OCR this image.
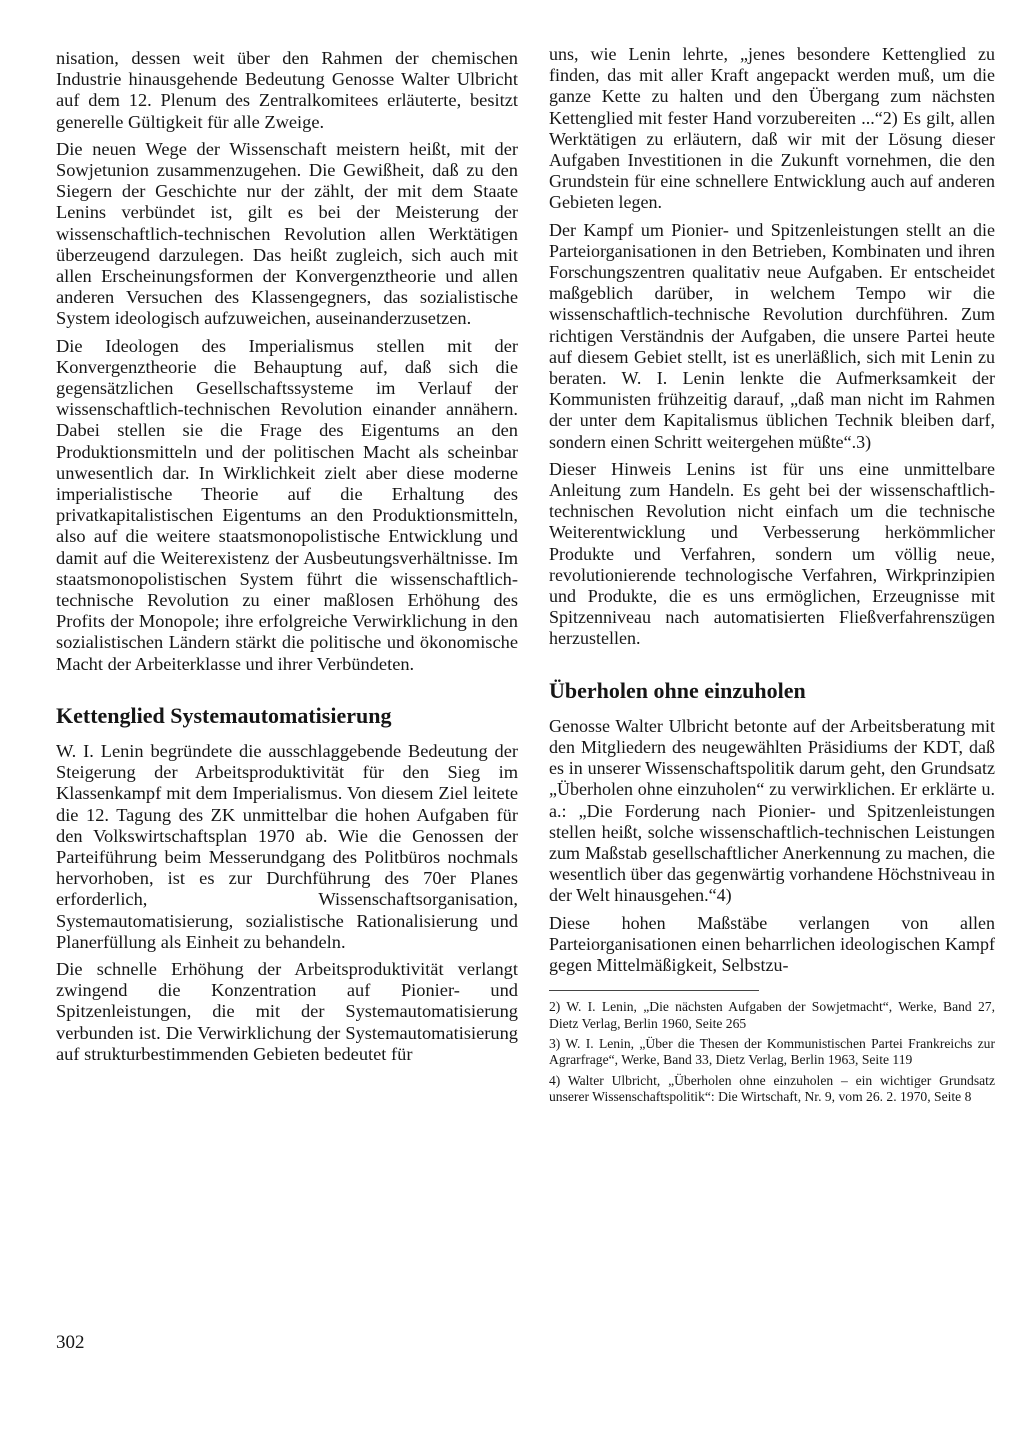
nisation, dessen weit über den Rahmen der chemischen Industrie hinausgehende Bedeutung Genosse Walter Ulbricht auf dem 12. Plenum des Zentralkomitees erläuterte, besitzt generelle Gültigkeit für alle Zweige.

Die neuen Wege der Wissenschaft meistern heißt, mit der Sowjetunion zusammenzugehen. Die Gewißheit, daß zu den Siegern der Geschichte nur der zählt, der mit dem Staate Lenins verbündet ist, gilt es bei der Meisterung der wissenschaftlich-technischen Revolution allen Werktätigen überzeugend darzulegen. Das heißt zugleich, sich auch mit allen Erscheinungsformen der Konvergenztheorie und allen anderen Versuchen des Klassengegners, das sozialistische System ideologisch aufzuweichen, auseinanderzusetzen.

Die Ideologen des Imperialismus stellen mit der Konvergenztheorie die Behauptung auf, daß sich die gegensätzlichen Gesellschaftssysteme im Verlauf der wissenschaftlich-technischen Revolution einander annähern. Dabei stellen sie die Frage des Eigentums an den Produktionsmitteln und der politischen Macht als scheinbar unwesentlich dar. In Wirklichkeit zielt aber diese moderne imperialistische Theorie auf die Erhaltung des privatkapitalistischen Eigentums an den Produktionsmitteln, also auf die weitere staatsmonopolistische Entwicklung und damit auf die Weiterexistenz der Ausbeutungsverhältnisse. Im staatsmonopolistischen System führt die wissenschaftlich-technische Revolution zu einer maßlosen Erhöhung des Profits der Monopole; ihre erfolgreiche Verwirklichung in den sozialistischen Ländern stärkt die politische und ökonomische Macht der Arbeiterklasse und ihrer Verbündeten.

Kettenglied Systemautomatisierung

W. I. Lenin begründete die ausschlaggebende Bedeutung der Steigerung der Arbeitsproduktivität für den Sieg im Klassenkampf mit dem Imperialismus. Von diesem Ziel leitete die 12. Tagung des ZK unmittelbar die hohen Aufgaben für den Volkswirtschaftsplan 1970 ab. Wie die Genossen der Parteiführung beim Messerundgang des Politbüros nochmals hervorhoben, ist es zur Durchführung des 70er Planes erforderlich, Wissenschaftsorganisation, Systemautomatisierung, sozialistische Rationalisierung und Planerfüllung als Einheit zu behandeln.

Die schnelle Erhöhung der Arbeitsproduktivität verlangt zwingend die Konzentration auf Pionier- und Spitzenleistungen, die mit der Systemautomatisierung verbunden ist. Die Verwirklichung der Systemautomatisierung auf strukturbestimmenden Gebieten bedeutet für

uns, wie Lenin lehrte, „jenes besondere Kettenglied zu finden, das mit aller Kraft angepackt werden muß, um die ganze Kette zu halten und den Übergang zum nächsten Kettenglied mit fester Hand vorzubereiten ...“2) Es gilt, allen Werktätigen zu erläutern, daß wir mit der Lösung dieser Aufgaben Investitionen in die Zukunft vornehmen, die den Grundstein für eine schnellere Entwicklung auch auf anderen Gebieten legen.

Der Kampf um Pionier- und Spitzenleistungen stellt an die Parteiorganisationen in den Betrieben, Kombinaten und ihren Forschungszentren qualitativ neue Aufgaben. Er entscheidet maßgeblich darüber, in welchem Tempo wir die wissenschaftlich-technische Revolution durchführen. Zum richtigen Verständnis der Aufgaben, die unsere Partei heute auf diesem Gebiet stellt, ist es unerläßlich, sich mit Lenin zu beraten. W. I. Lenin lenkte die Aufmerksamkeit der Kommunisten frühzeitig darauf, „daß man nicht im Rahmen der unter dem Kapitalismus üblichen Technik bleiben darf, sondern einen Schritt weitergehen müßte“.3)

Dieser Hinweis Lenins ist für uns eine unmittelbare Anleitung zum Handeln. Es geht bei der wissenschaftlich-technischen Revolution nicht einfach um die technische Weiterentwicklung und Verbesserung herkömmlicher Produkte und Verfahren, sondern um völlig neue, revolutionierende technologische Verfahren, Wirkprinzipien und Produkte, die es uns ermöglichen, Erzeugnisse mit Spitzenniveau nach automatisierten Fließverfahrenszügen herzustellen.

Überholen ohne einzuholen

Genosse Walter Ulbricht betonte auf der Arbeitsberatung mit den Mitgliedern des neugewählten Präsidiums der KDT, daß es in unserer Wissenschaftspolitik darum geht, den Grundsatz „Überholen ohne einzuholen“ zu verwirklichen. Er erklärte u. a.: „Die Forderung nach Pionier- und Spitzenleistungen stellen heißt, solche wissenschaftlich-technischen Leistungen zum Maßstab gesellschaftlicher Anerkennung zu machen, die wesentlich über das gegenwärtig vorhandene Höchstniveau in der Welt hinausgehen.“4)

Diese hohen Maßstäbe verlangen von allen Parteiorganisationen einen beharrlichen ideologischen Kampf gegen Mittelmäßigkeit, Selbstzu-

2) W. I. Lenin, „Die nächsten Aufgaben der Sowjetmacht“, Werke, Band 27, Dietz Verlag, Berlin 1960, Seite 265

3) W. I. Lenin, „Über die Thesen der Kommunistischen Partei Frankreichs zur Agrarfrage“, Werke, Band 33, Dietz Verlag, Berlin 1963, Seite 119

4) Walter Ulbricht, „Überholen ohne einzuholen – ein wichtiger Grundsatz unserer Wissenschaftspolitik“: Die Wirtschaft, Nr. 9, vom 26. 2. 1970, Seite 8

302
